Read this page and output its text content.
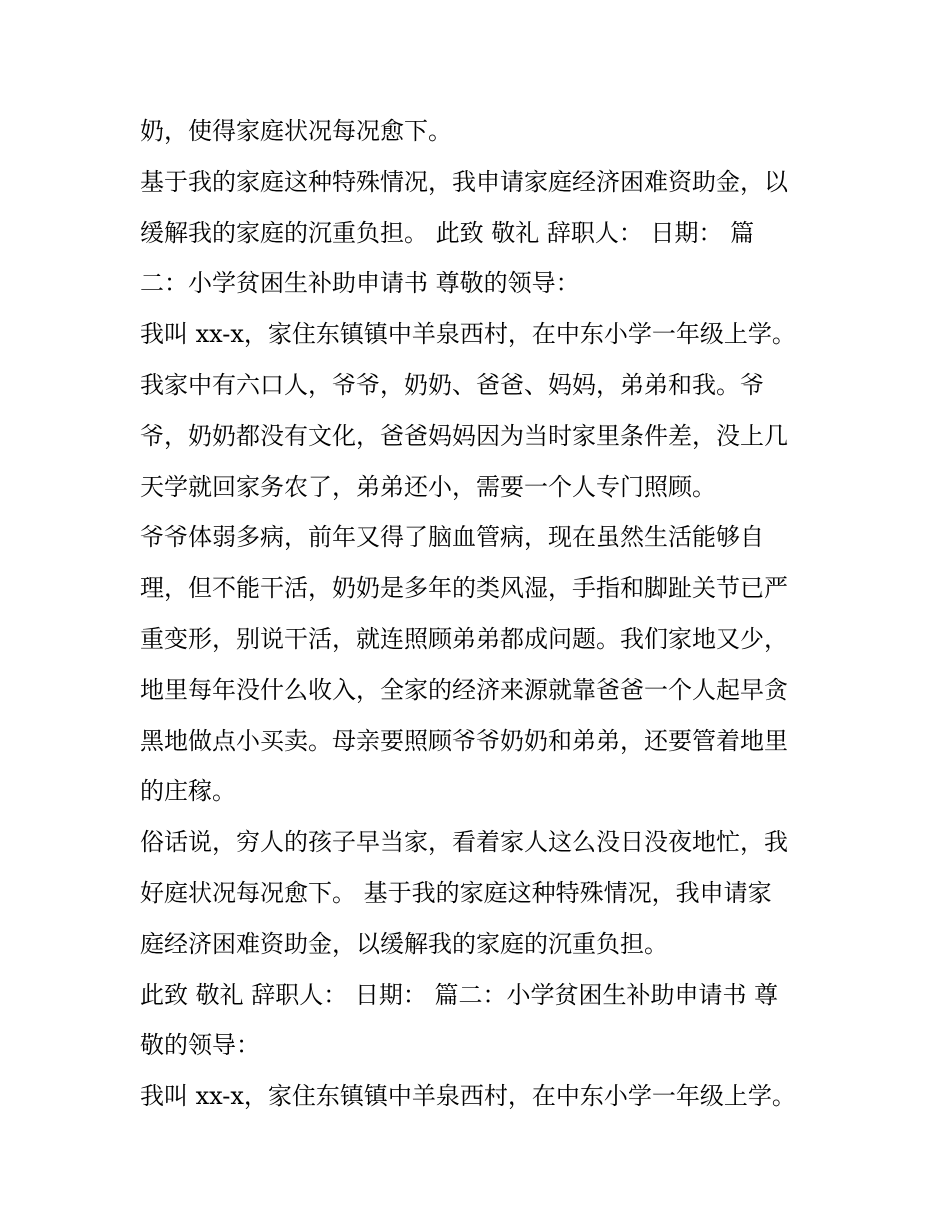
奶，使得家庭状况每况愈下。
基于我的家庭这种特殊情况，我申请家庭经济困难资助金，以
缓解我的家庭的沉重负担。 此致 敬礼 辞职人： 日期： 篇
二：小学贫困生补助申请书 尊敬的领导：
我叫 xx-x，家住东镇镇中羊泉西村，在中东小学一年级上学。
我家中有六口人，爷爷，奶奶、爸爸、妈妈，弟弟和我。爷
爷，奶奶都没有文化，爸爸妈妈因为当时家里条件差，没上几
天学就回家务农了，弟弟还小，需要一个人专门照顾。
爷爷体弱多病，前年又得了脑血管病，现在虽然生活能够自
理，但不能干活，奶奶是多年的类风湿，手指和脚趾关节已严
重变形，别说干活，就连照顾弟弟都成问题。我们家地又少，
地里每年没什么收入，全家的经济来源就靠爸爸一个人起早贪
黑地做点小买卖。母亲要照顾爷爷奶奶和弟弟，还要管着地里
的庄稼。
俗话说，穷人的孩子早当家，看着家人这么没日没夜地忙，我
好庭状况每况愈下。 基于我的家庭这种特殊情况，我申请家
庭经济困难资助金，以缓解我的家庭的沉重负担。
此致 敬礼 辞职人： 日期： 篇二：小学贫困生补助申请书 尊
敬的领导：
我叫 xx-x，家住东镇镇中羊泉西村，在中东小学一年级上学。
